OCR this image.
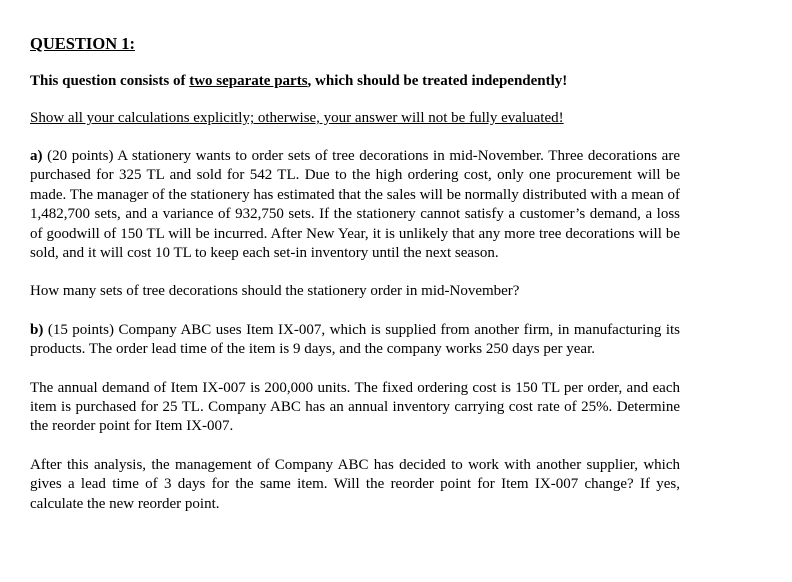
QUESTION 1:

This question consists of two separate parts, which should be treated independently!

Show all your calculations explicitly; otherwise, your answer will not be fully evaluated!

a) (20 points) A stationery wants to order sets of tree decorations in mid-November. Three decorations are purchased for 325 TL and sold for 542 TL. Due to the high ordering cost, only one procurement will be made. The manager of the stationery has estimated that the sales will be normally distributed with a mean of 1,482,700 sets, and a variance of 932,750 sets. If the stationery cannot satisfy a customer’s demand, a loss of goodwill of 150 TL will be incurred. After New Year, it is unlikely that any more tree decorations will be sold, and it will cost 10 TL to keep each set-in inventory until the next season.

How many sets of tree decorations should the stationery order in mid-November?

b) (15 points) Company ABC uses Item IX-007, which is supplied from another firm, in manufacturing its products. The order lead time of the item is 9 days, and the company works 250 days per year.

The annual demand of Item IX-007 is 200,000 units. The fixed ordering cost is 150 TL per order, and each item is purchased for 25 TL. Company ABC has an annual inventory carrying cost rate of 25%. Determine the reorder point for Item IX-007.

After this analysis, the management of Company ABC has decided to work with another supplier, which gives a lead time of 3 days for the same item. Will the reorder point for Item IX-007 change? If yes, calculate the new reorder point.
